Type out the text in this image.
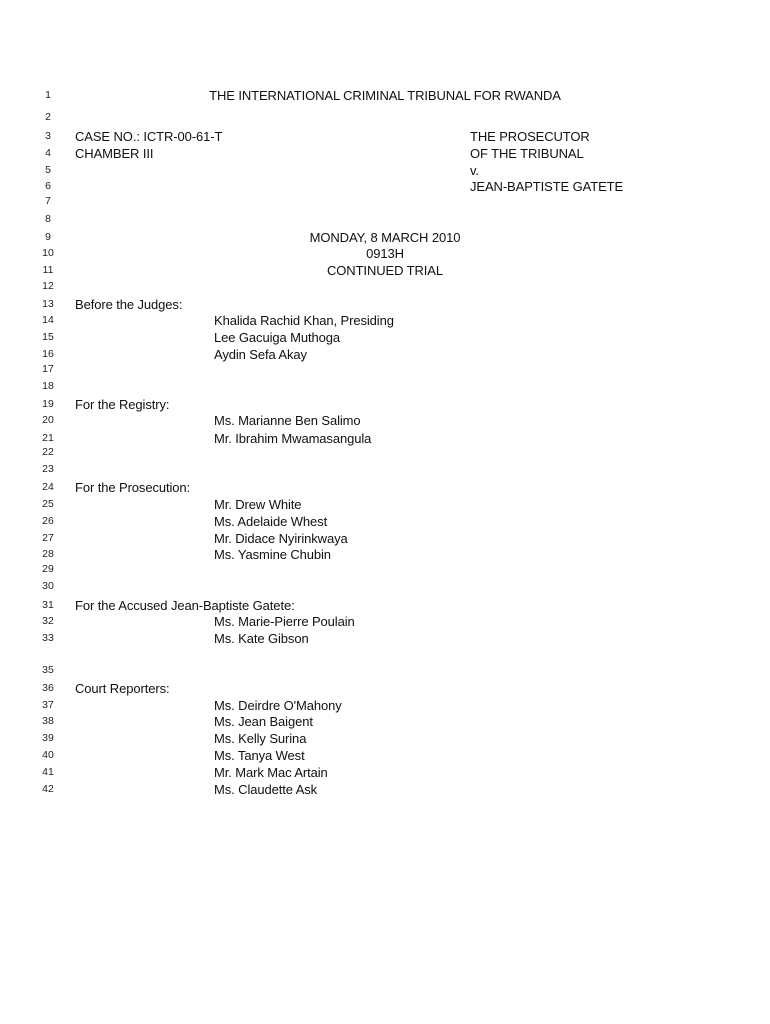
1	THE INTERNATIONAL CRIMINAL TRIBUNAL FOR RWANDA
2
3	CASE NO.: ICTR-00-61-T	THE PROSECUTOR
4	CHAMBER III	OF THE TRIBUNAL
5	v.
6	JEAN-BAPTISTE GATETE
7
8
9	MONDAY, 8 MARCH 2010
10	0913H
11	CONTINUED TRIAL
12
13	Before the Judges:
14	Khalida Rachid Khan, Presiding
15	Lee Gacuiga Muthoga
16	Aydin Sefa Akay
17
18
19	For the Registry:
20	Ms. Marianne Ben Salimo
21	Mr. Ibrahim Mwamasangula
22
23
24	For the Prosecution:
25	Mr. Drew White
26	Ms. Adelaide Whest
27	Mr. Didace Nyirinkwaya
28	Ms. Yasmine Chubin
29
30
31	For the Accused Jean-Baptiste Gatete:
32	Ms. Marie-Pierre Poulain
33	Ms. Kate Gibson
35
36	Court Reporters:
37	Ms. Deirdre O'Mahony
38	Ms. Jean Baigent
39	Ms. Kelly Surina
40	Ms. Tanya West
41	Mr. Mark Mac Artain
42	Ms. Claudette Ask
